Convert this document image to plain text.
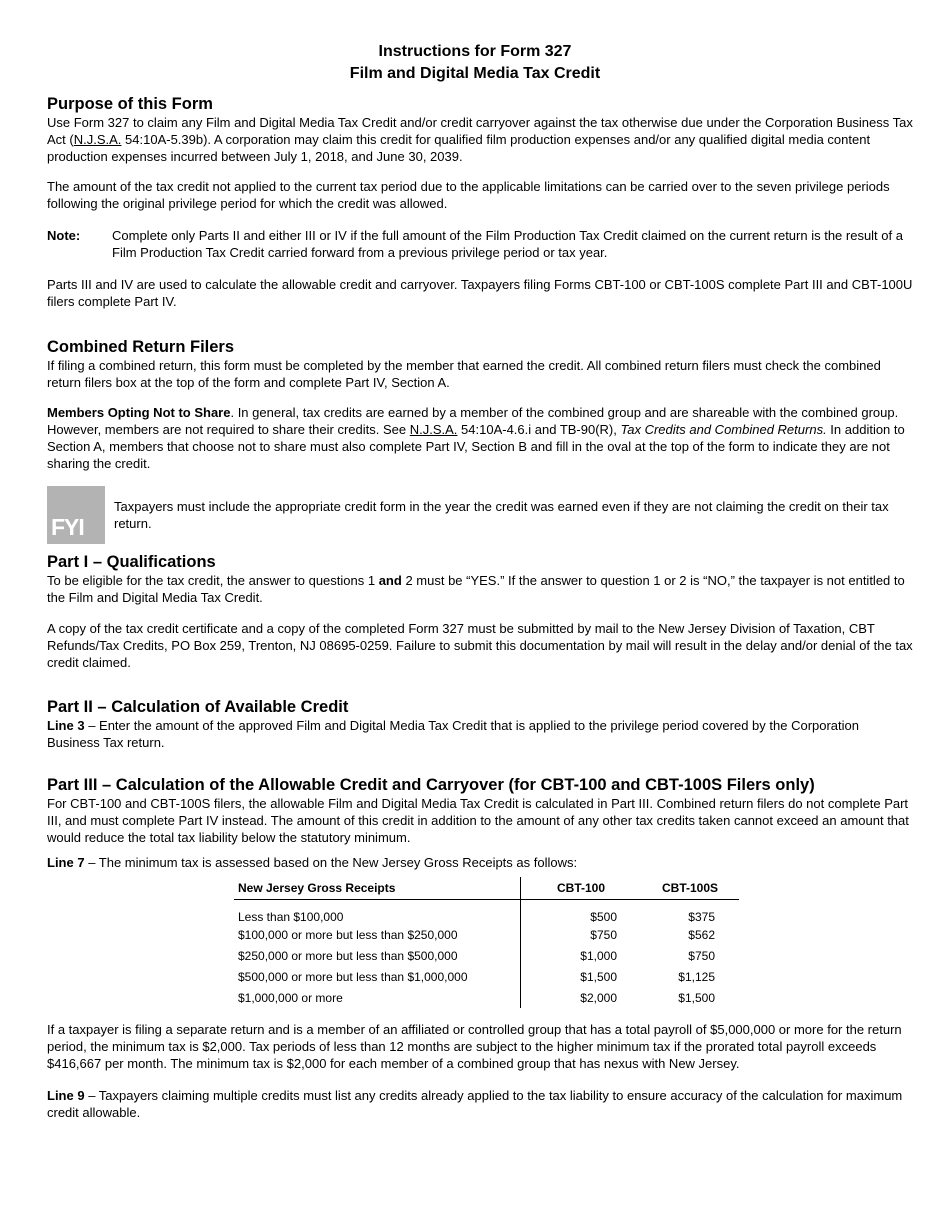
Instructions for Form 327

Film and Digital Media Tax Credit

Purpose of this Form

Use Form 327 to claim any Film and Digital Media Tax Credit and/or credit carryover against the tax otherwise due under the Corporation Business Tax Act (N.J.S.A. 54:10A-5.39b). A corporation may claim this credit for qualified film production expenses and/or any qualified digital media content production expenses incurred between July 1, 2018, and June 30, 2039.

The amount of the tax credit not applied to the current tax period due to the applicable limitations can be carried over to the seven privilege periods following the original privilege period for which the credit was allowed.

Note:	Complete only Parts II and either III or IV if the full amount of the Film Production Tax Credit claimed on the current return is the result of a Film Production Tax Credit carried forward from a previous privilege period or tax year.

Parts III and IV are used to calculate the allowable credit and carryover. Taxpayers filing Forms CBT-100 or CBT-100S complete Part III and CBT-100U filers complete Part IV.

Combined Return Filers

If filing a combined return, this form must be completed by the member that earned the credit. All combined return filers must check the combined return filers box at the top of the form and complete Part IV, Section A.

Members Opting Not to Share. In general, tax credits are earned by a member of the combined group and are shareable with the combined group. However, members are not required to share their credits. See N.J.S.A. 54:10A-4.6.i and TB-90(R), Tax Credits and Combined Returns. In addition to Section A, members that choose not to share must also complete Part IV, Section B and fill in the oval at the top of the form to indicate they are not sharing the credit.

FYI
Taxpayers must include the appropriate credit form in the year the credit was earned even if they are not claiming the credit on their tax return.
Part I – Qualifications

To be eligible for the tax credit, the answer to questions 1 and 2 must be “YES.” If the answer to question 1 or 2 is “NO,” the taxpayer is not entitled to the Film and Digital Media Tax Credit.

A copy of the tax credit certificate and a copy of the completed Form 327 must be submitted by mail to the New Jersey Division of Taxation, CBT Refunds/Tax Credits, PO Box 259, Trenton, NJ 08695-0259. Failure to submit this documentation by mail will result in the delay and/or denial of the tax credit claimed.

Part II – Calculation of Available Credit

Line 3 – Enter the amount of the approved Film and Digital Media Tax Credit that is applied to the privilege period covered by the Corporation Business Tax return.

Part III – Calculation of the Allowable Credit and Carryover (for CBT-100 and CBT-100S Filers only)

For CBT-100 and CBT-100S filers, the allowable Film and Digital Media Tax Credit is calculated in Part III. Combined return filers do not complete Part III, and must complete Part IV instead. The amount of this credit in addition to the amount of any other tax credits taken cannot exceed an amount that would reduce the total tax liability below the statutory minimum.

Line 7 – The minimum tax is assessed based on the New Jersey Gross Receipts as follows:

New Jersey Gross Receipts	CBT-100	CBT-100S
Less than $100,000	$500	$375
$100,000 or more but less than $250,000	$750	$562
$250,000 or more but less than $500,000	$1,000	$750
$500,000 or more but less than $1,000,000	$1,500	$1,125
$1,000,000 or more	$2,000	$1,500

If a taxpayer is filing a separate return and is a member of an affiliated or controlled group that has a total payroll of $5,000,000 or more for the return period, the minimum tax is $2,000. Tax periods of less than 12 months are subject to the higher minimum tax if the prorated total payroll exceeds $416,667 per month. The minimum tax is $2,000 for each member of a combined group that has nexus with New Jersey.

Line 9 – Taxpayers claiming multiple credits must list any credits already applied to the tax liability to ensure accuracy of the calculation for maximum credit allowable.
